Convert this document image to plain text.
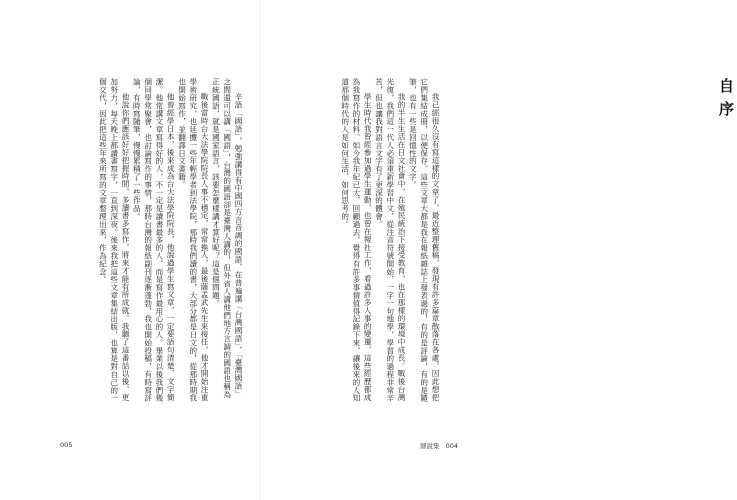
辛語「國語」，勉強講得有中國四方言音調的國語，在普遍講「台灣國語」、「臺灣國語」之間還可以講「國語」，台灣的國語卻是臺灣人講的，但外省人講他們地方言調的國語也稱為正統國語，就是國家語言，該要怎麼樣講才算好呢？這是個問題。

戰後當時台大法學院院長人事不穩定，常常換人，最後薩孟武先生來接任，他才開始注重學術研究，也延攬一些年輕學者到法學院，那時我們讀的書，大部分都是日文的，從那時期我也開始寫作，並翻譯日文書籍。

他曾經學日本，後來成為台大法學院院長，他說過學生寫文章，一定要語句清楚，文字簡潔。他常講文章寫得好的人，不一定是讀書最多的人，而是寫作最用心的人。畢業以後我們幾個同學常聚會，也討論寫作的事情，那時台灣的報紙副刊逐漸蓬勃，我也開始投稿，有時寫評論，有時寫隨筆，慢慢累積了一些作品。

他說你們應該好好把握時間，多讀書多寫作，將來才能有所成就。我聽了這番話以後，更加努力，每天晚上都讀書寫字，一直到深夜。後來我把這些文章集結出版，也算是對自己的一個交代，因此把這些年來所寫的文章整理出來，作為紀念。

005
自序

我已經很久沒有寫這樣的文章了，最近整理舊稿，發現有許多篇章散落在各處，因此想把它們集結成冊，以便保存。這些文章大都是我在報紙雜誌上發表過的，有的是評論，有的是隨筆，也有一些是回憶性的文字。

我的半生生活在日文社會中，在殖民統治下接受教育，也在那樣的環境中成長。戰後台灣光復，我們這一代人必須重新學習中文，從注音符號開始，一字一句地學，學習的過程非常辛苦，但也讓我對語言文字有了更深的體會。

學生時代我曾經參加過學生運動，也曾在報社工作，看過許多人事的變遷，這些經歷都成為我寫作的材料。如今我年紀已大，回顧過去，覺得有許多事情值得記錄下來，讓後來的人知道那個時代的人是如何生活、如何思考的。

細說集 004
